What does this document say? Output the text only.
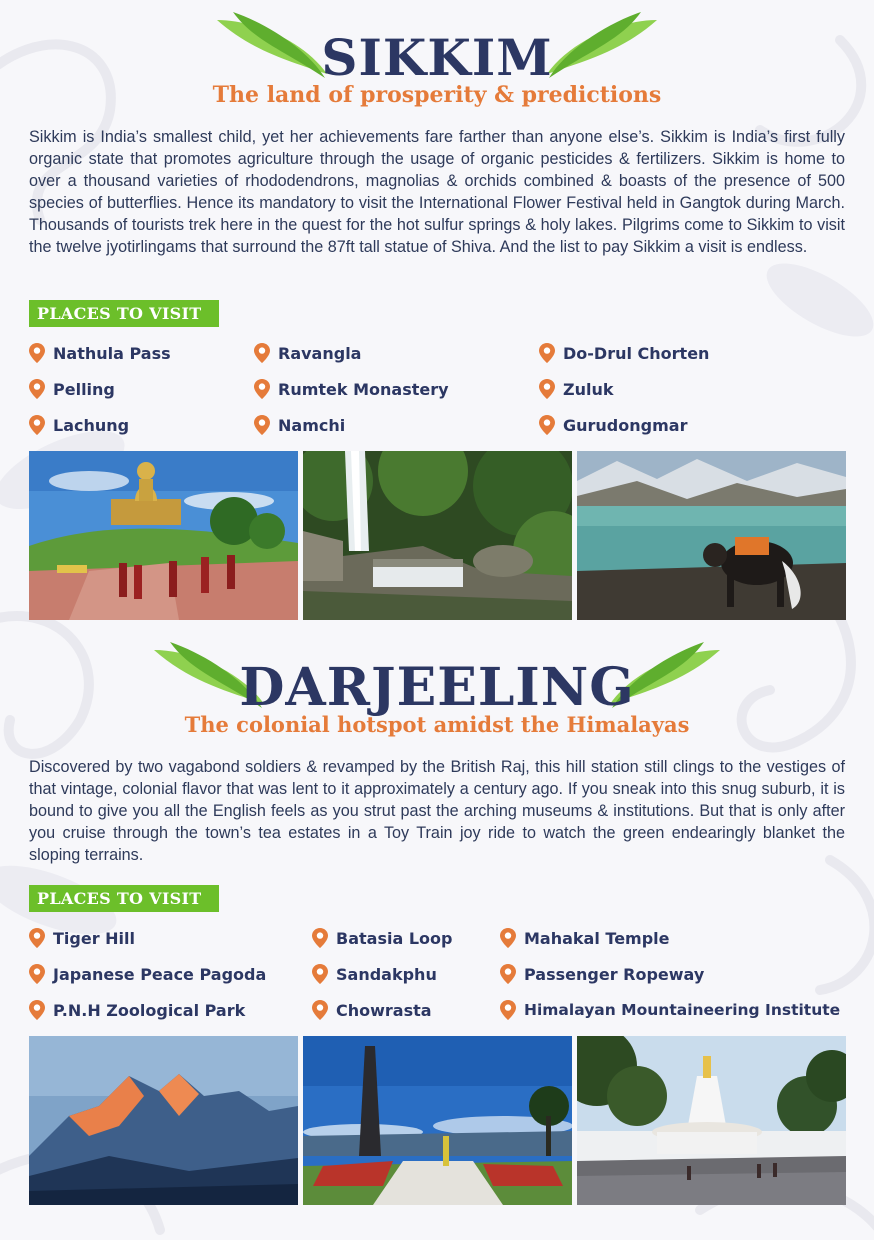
SIKKIM
The land of prosperity & predictions

Sikkim is India’s smallest child, yet her achievements fare farther than anyone else’s. Sikkim is India’s first fully organic state that promotes agriculture through the usage of organic pesticides & fertilizers. Sikkim is home to over a thousand varieties of rhododendrons, magnolias & orchids combined & boasts of the presence of 500 species of butterflies. Hence its mandatory to visit the International Flower Festival held in Gangtok during March. Thousands of tourists trek here in the quest for the hot sulfur springs & holy lakes. Pilgrims come to Sikkim to visit the twelve jyotirlingams that surround the 87ft tall statue of Shiva. And the list to pay Sikkim a visit is endless.

PLACES TO VISIT
Nathula Pass	Ravangla	Do-Drul Chorten
Pelling	Rumtek Monastery	Zuluk
Lachung	Namchi	Gurudongmar
DARJEELING
The colonial hotspot amidst the Himalayas

Discovered by two vagabond soldiers & revamped by the British Raj, this hill station still clings to the vestiges of that vintage, colonial flavor that was lent to it approximately a century ago. If you sneak into this snug suburb, it is bound to give you all the English feels as you strut past the arching museums & institutions. But that is only after you cruise through the town’s tea estates in a Toy Train joy ride to watch the green endearingly blanket the sloping terrains.

PLACES TO VISIT
Tiger Hill	Batasia Loop	Mahakal Temple
Japanese Peace Pagoda	Sandakphu	Passenger Ropeway
P.N.H Zoological Park	Chowrasta	Himalayan Mountaineering Institute
